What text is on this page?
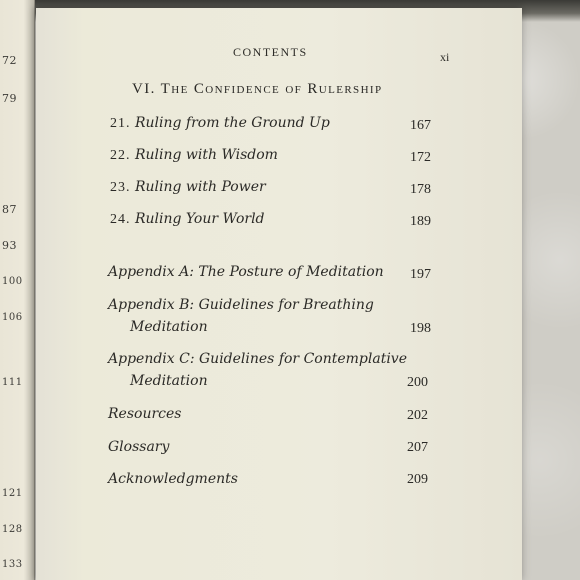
72
79
87
93
100
106
111
121
128
133
CONTENTS	xi
VI. The Confidence of Rulership
21. Ruling from the Ground Up	167
22. Ruling with Wisdom	172
23. Ruling with Power	178
24. Ruling Your World	189
Appendix A: The Posture of Meditation 197
Appendix B: Guidelines for Breathing
Meditation	198
Appendix C: Guidelines for Contemplative
Meditation	200
Resources	202
Glossary	207
Acknowledgments	209
